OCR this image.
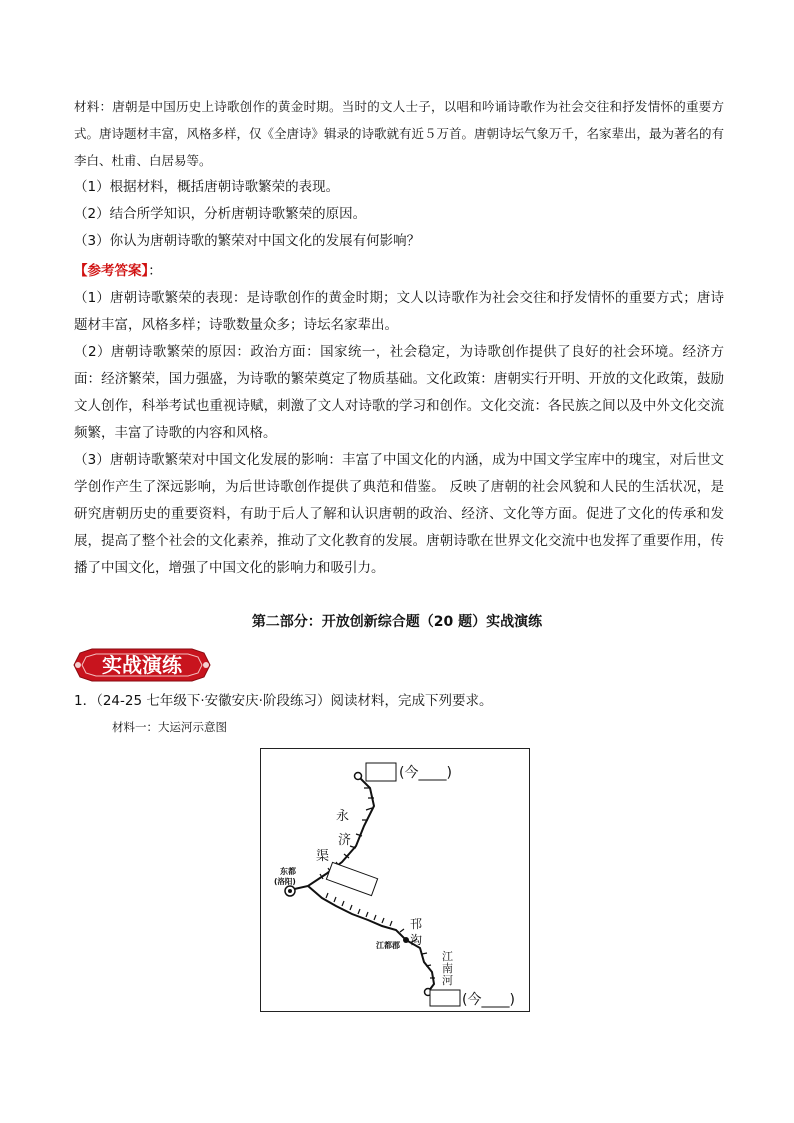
材料：唐朝是中国历史上诗歌创作的黄金时期。当时的文人士子，以唱和吟诵诗歌作为社会交往和抒发情怀的重要方式。唐诗题材丰富，风格多样，仅《全唐诗》辑录的诗歌就有近５万首。唐朝诗坛气象万千，名家辈出，最为著名的有李白、杜甫、白居易等。

（1）根据材料，概括唐朝诗歌繁荣的表现。

（2）结合所学知识，分析唐朝诗歌繁荣的原因。

（3）你认为唐朝诗歌的繁荣对中国文化的发展有何影响？

【参考答案】：

（1）唐朝诗歌繁荣的表现：是诗歌创作的黄金时期；文人以诗歌作为社会交往和抒发情怀的重要方式；唐诗题材丰富，风格多样；诗歌数量众多；诗坛名家辈出。

（2）唐朝诗歌繁荣的原因：政治方面：国家统一，社会稳定，为诗歌创作提供了良好的社会环境。经济方面：经济繁荣，国力强盛，为诗歌的繁荣奠定了物质基础。文化政策：唐朝实行开明、开放的文化政策，鼓励文人创作，科举考试也重视诗赋，刺激了文人对诗歌的学习和创作。文化交流：各民族之间以及中外文化交流频繁，丰富了诗歌的内容和风格。

（3）唐朝诗歌繁荣对中国文化发展的影响：丰富了中国文化的内涵，成为中国文学宝库中的瑰宝，对后世文学创作产生了深远影响，为后世诗歌创作提供了典范和借鉴。 反映了唐朝的社会风貌和人民的生活状况，是研究唐朝历史的重要资料，有助于后人了解和认识唐朝的政治、经济、文化等方面。促进了文化的传承和发展，提高了整个社会的文化素养，推动了文化教育的发展。唐朝诗歌在世界文化交流中也发挥了重要作用，传播了中国文化，增强了中国文化的影响力和吸引力。

第二部分：开放创新综合题（20 题）实战演练
实战演练

1．（24-25 七年级下·安徽安庆·阶段练习）阅读材料，完成下列要求。

材料一：大运河示意图
(今____)
(今____)
永
济
渠
邗
沟
江
南
河
东都
(洛阳)
江都郡
